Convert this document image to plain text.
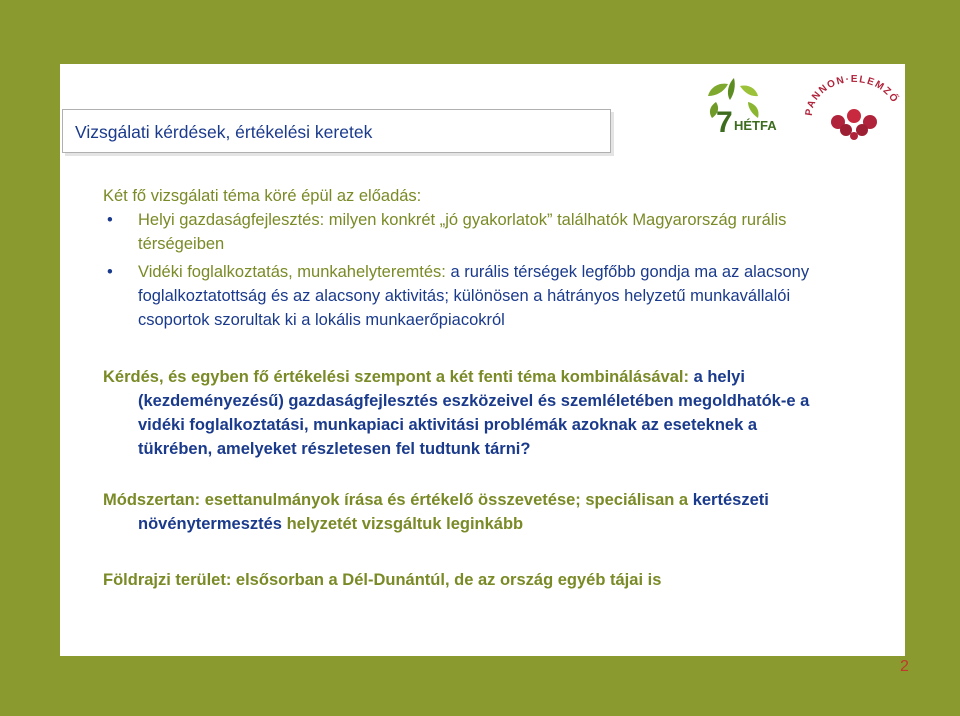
Vizsgálati kérdések, értékelési keretek	7 HÉTFA
PANNON·ELEMZŐ
Két fő vizsgálati téma köré épül az előadás:
• Helyi gazdaságfejlesztés: milyen konkrét „jó gyakorlatok” találhatók Magyarország rurális térségeiben
• Vidéki foglalkoztatás, munkahelyteremtés: a rurális térségek legfőbb gondja ma az alacsony foglalkoztatottság és az alacsony aktivitás; különösen a hátrányos helyzetű munkavállalói csoportok szorultak ki a lokális munkaerőpiacokról
Kérdés, és egyben fő értékelési szempont a két fenti téma kombinálásával: a helyi (kezdeményezésű) gazdaságfejlesztés eszközeivel és szemléletében megoldhatók-e a vidéki foglalkoztatási, munkapiaci aktivitási problémák azoknak az eseteknek a tükrében, amelyeket részletesen fel tudtunk tárni?
Módszertan: esettanulmányok írása és értékelő összevetése; speciálisan a kertészeti növénytermesztés helyzetét vizsgáltuk leginkább
Földrajzi terület: elsősorban a Dél-Dunántúl, de az ország egyéb tájai is
2
